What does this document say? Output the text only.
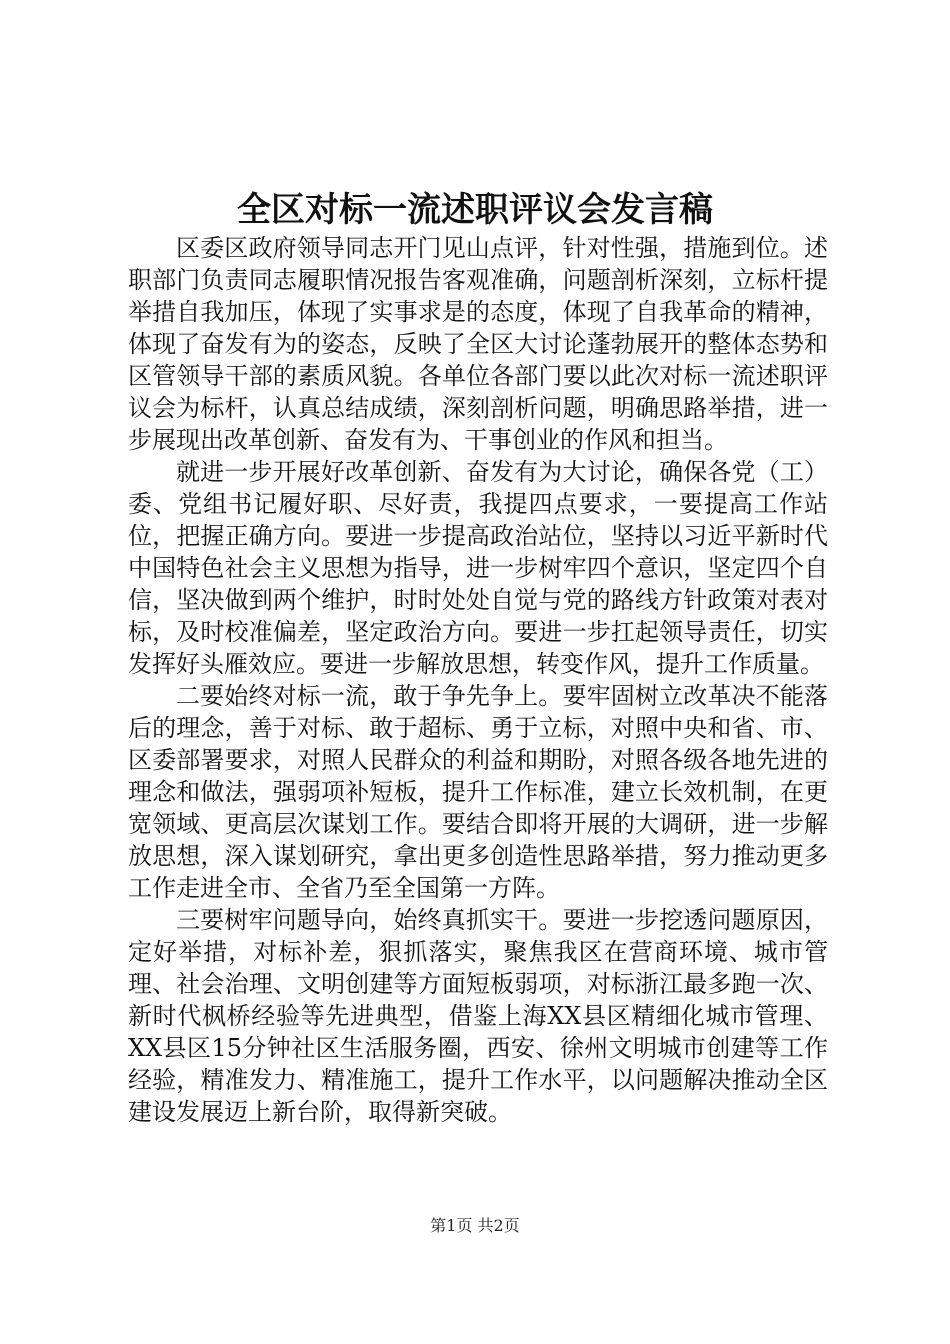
全区对标一流述职评议会发言稿

区委区政府领导同志开门见山点评，针对性强，措施到位。述职部门负责同志履职情况报告客观准确，问题剖析深刻，立标杆提举措自我加压，体现了实事求是的态度，体现了自我革命的精神，体现了奋发有为的姿态，反映了全区大讨论蓬勃展开的整体态势和区管领导干部的素质风貌。各单位各部门要以此次对标一流述职评议会为标杆，认真总结成绩，深刻剖析问题，明确思路举措，进一步展现出改革创新、奋发有为、干事创业的作风和担当。

就进一步开展好改革创新、奋发有为大讨论，确保各党（工）委、党组书记履好职、尽好责，我提四点要求，一要提高工作站位，把握正确方向。要进一步提高政治站位，坚持以习近平新时代中国特色社会主义思想为指导，进一步树牢四个意识，坚定四个自信，坚决做到两个维护，时时处处自觉与党的路线方针政策对表对标，及时校准偏差，坚定政治方向。要进一步扛起领导责任，切实发挥好头雁效应。要进一步解放思想，转变作风，提升工作质量。

二要始终对标一流，敢于争先争上。要牢固树立改革决不能落后的理念，善于对标、敢于超标、勇于立标，对照中央和省、市、区委部署要求，对照人民群众的利益和期盼，对照各级各地先进的理念和做法，强弱项补短板，提升工作标准，建立长效机制，在更宽领域、更高层次谋划工作。要结合即将开展的大调研，进一步解放思想，深入谋划研究，拿出更多创造性思路举措，努力推动更多工作走进全市、全省乃至全国第一方阵。

三要树牢问题导向，始终真抓实干。要进一步挖透问题原因，定好举措，对标补差，狠抓落实，聚焦我区在营商环境、城市管理、社会治理、文明创建等方面短板弱项，对标浙江最多跑一次、新时代枫桥经验等先进典型，借鉴上海XX县区精细化城市管理、XX县区15分钟社区生活服务圈，西安、徐州文明城市创建等工作经验，精准发力、精准施工，提升工作水平，以问题解决推动全区建设发展迈上新台阶，取得新突破。

第1页 共2页
